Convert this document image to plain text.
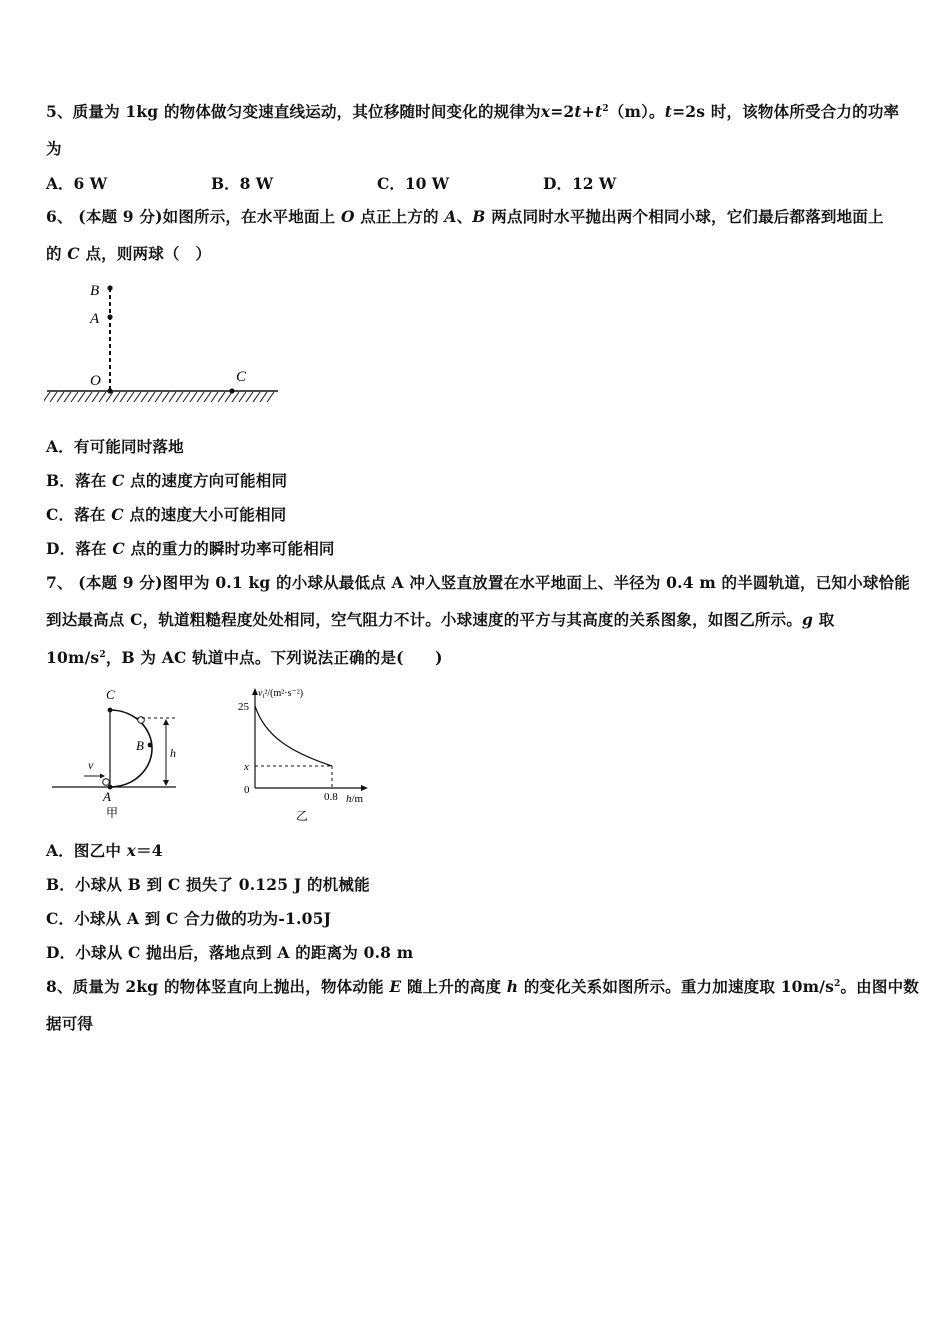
5、质量为 1kg 的物体做匀变速直线运动，其位移随时间变化的规律为$x=2t+t^2(m)$。t=2s 时，该物体所受合力的功率
为
A．6 W	B．8 W	C．10 W	D．12 W
6、 (本题 9 分)如图所示，在水平地面上 O 点正上方的 A、B 两点同时水平抛出两个相同小球，它们最后都落到地面上
的 C 点，则两球（　）
B
A
O	C
A．有可能同时落地
B．落在 C 点的速度方向可能相同
C．落在 C 点的速度大小可能相同
D．落在 C 点的重力的瞬时功率可能相同
7、 (本题 9 分)图甲为 0.1 kg 的小球从最低点 A 冲入竖直放置在水平地面上、半径为 0.4 m 的半圆轨道，已知小球恰能
到达最高点 C，轨道粗糙程度处处相同，空气阻力不计。小球速度的平方与其高度的关系图象，如图乙所示。g 取
$10m/s^2$，B 为 AC 轨道中点。下列说法正确的是(　　)
C
B
A
v
h
甲
$v_t^2/(m^2\cdot s^{-2})$
25
x
0
0.8 h/m
乙
A．图乙中 x＝4
B．小球从 B 到 C 损失了 0.125 J 的机械能
C．小球从 A 到 C 合力做的功为-1.05J
D．小球从 C 抛出后，落地点到 A 的距离为 0.8 m
8、质量为 2kg 的物体竖直向上抛出，物体动能 E 随上升的高度 h 的变化关系如图所示。重力加速度取 $10m/s^2$。由图中数
据可得
